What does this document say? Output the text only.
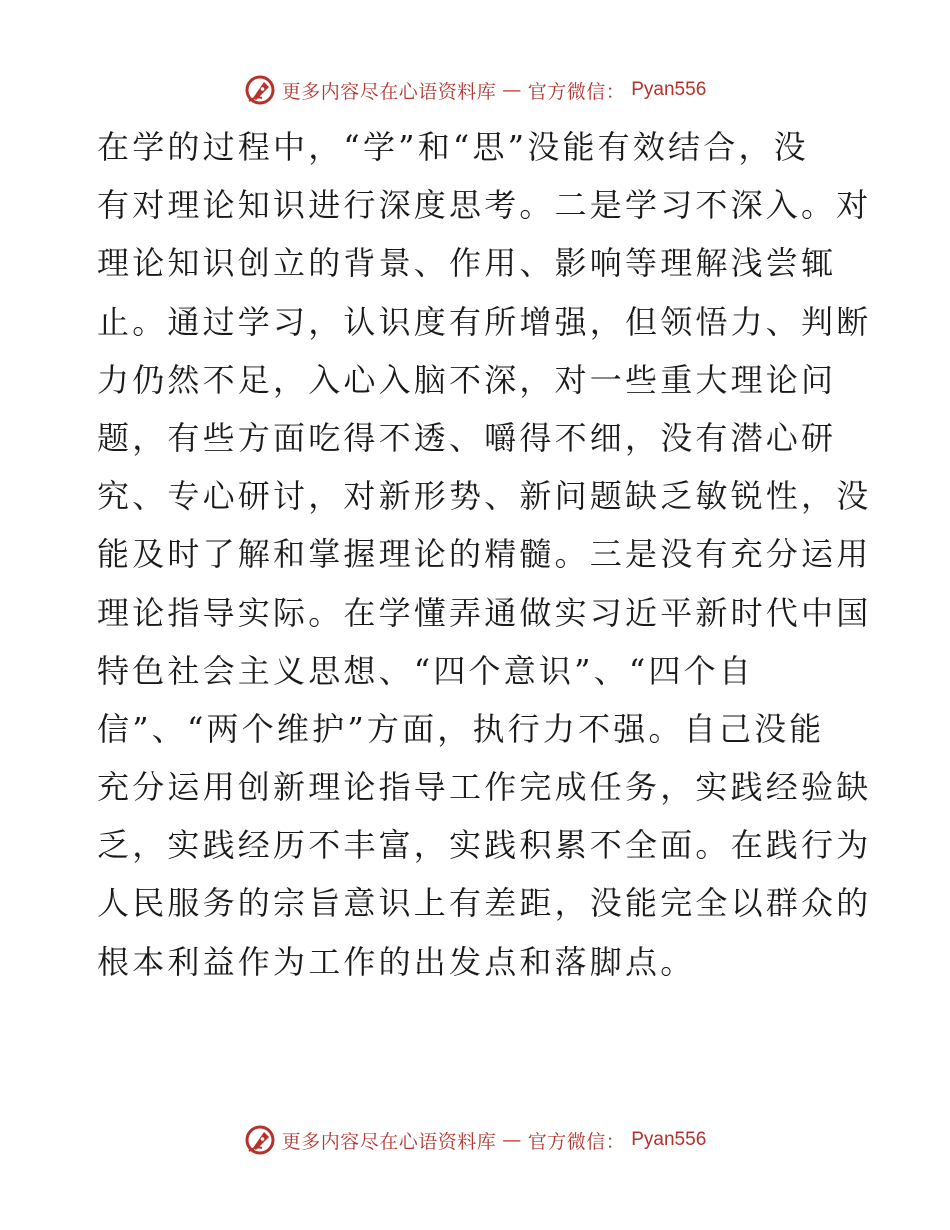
更多内容尽在心语资料库 — 官方微信： Pyan556
在学的过程中，“学”和“思”没能有效结合，没
有对理论知识进行深度思考。二是学习不深入。对
理论知识创立的背景、作用、影响等理解浅尝辄
止。通过学习，认识度有所增强，但领悟力、判断
力仍然不足，入心入脑不深，对一些重大理论问
题，有些方面吃得不透、嚼得不细，没有潜心研
究、专心研讨，对新形势、新问题缺乏敏锐性，没
能及时了解和掌握理论的精髓。三是没有充分运用
理论指导实际。在学懂弄通做实习近平新时代中国
特色社会主义思想、“四个意识”、“四个自
信”、“两个维护”方面，执行力不强。自己没能
充分运用创新理论指导工作完成任务，实践经验缺
乏，实践经历不丰富，实践积累不全面。在践行为
人民服务的宗旨意识上有差距，没能完全以群众的
根本利益作为工作的出发点和落脚点。
更多内容尽在心语资料库 — 官方微信： Pyan556
